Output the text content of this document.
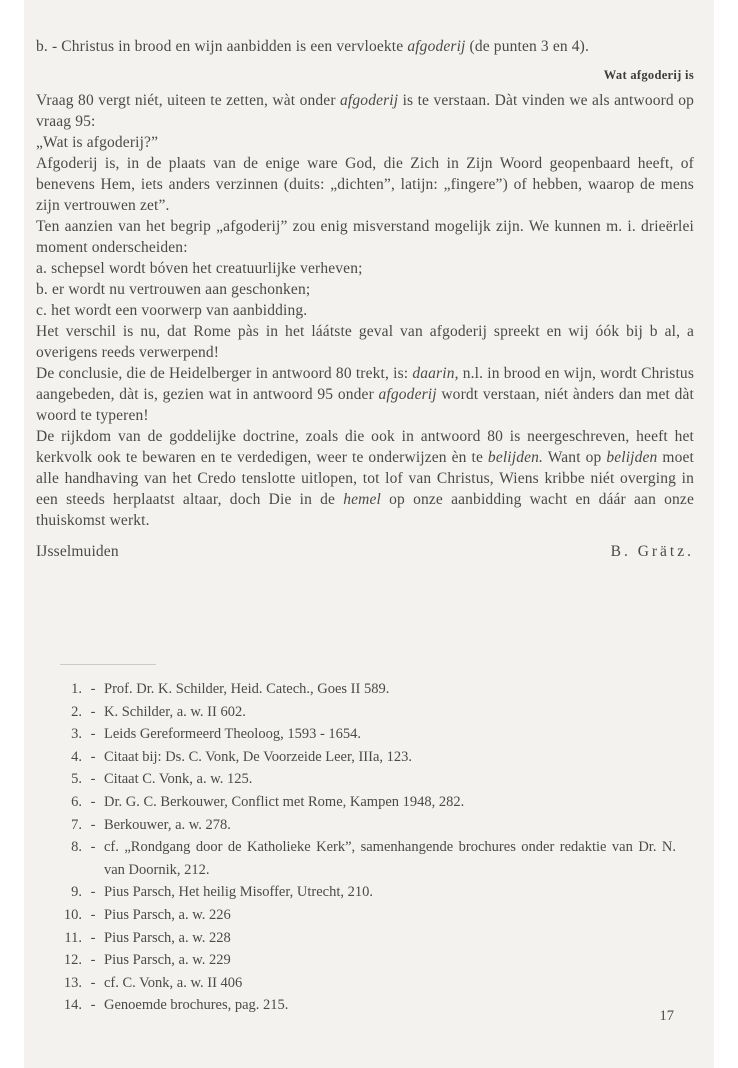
b. - Christus in brood en wijn aanbidden is een vervloekte afgoderij (de punten 3 en 4).

Wat afgoderij is

Vraag 80 vergt niét, uiteen te zetten, wàt onder afgoderij is te verstaan. Dàt vinden we als antwoord op vraag 95:

„Wat is afgoderij?”

Afgoderij is, in de plaats van de enige ware God, die Zich in Zijn Woord geopenbaard heeft, of benevens Hem, iets anders verzinnen (duits: „dichten”, latijn: „fingere”) of hebben, waarop de mens zijn vertrouwen zet”.

Ten aanzien van het begrip „afgoderij” zou enig misverstand mogelijk zijn. We kunnen m. i. drieërlei moment onderscheiden:

a. schepsel wordt bóven het creatuurlijke verheven;

b. er wordt nu vertrouwen aan geschonken;

c. het wordt een voorwerp van aanbidding.

Het verschil is nu, dat Rome pàs in het láátste geval van afgoderij spreekt en wij óók bij b al, a overigens reeds verwerpend!

De conclusie, die de Heidelberger in antwoord 80 trekt, is: daarin, n.l. in brood en wijn, wordt Christus aangebeden, dàt is, gezien wat in antwoord 95 onder afgoderij wordt verstaan, niét ànders dan met dàt woord te typeren!

De rijkdom van de goddelijke doctrine, zoals die ook in antwoord 80 is neergeschreven, heeft het kerkvolk ook te bewaren en te verdedigen, weer te onderwijzen èn te belijden. Want op belijden moet alle handhaving van het Credo tenslotte uitlopen, tot lof van Christus, Wiens kribbe niét overging in een steeds herplaatst altaar, doch Die in de hemel op onze aanbidding wacht en dáár aan onze thuiskomst werkt.

IJsselmuiden	B. Grätz.
1. - Prof. Dr. K. Schilder, Heid. Catech., Goes II 589.
2. - K. Schilder, a. w. II 602.
3. - Leids Gereformeerd Theoloog, 1593 - 1654.
4. - Citaat bij: Ds. C. Vonk, De Voorzeide Leer, IIIa, 123.
5. - Citaat C. Vonk, a. w. 125.
6. - Dr. G. C. Berkouwer, Conflict met Rome, Kampen 1948, 282.
7. - Berkouwer, a. w. 278.
8. - cf. „Rondgang door de Katholieke Kerk”, samenhangende brochures onder redaktie van Dr. N. van Doornik, 212.
9. - Pius Parsch, Het heilig Misoffer, Utrecht, 210.
10. - Pius Parsch, a. w. 226
11. - Pius Parsch, a. w. 228
12. - Pius Parsch, a. w. 229
13. - cf. C. Vonk, a. w. II 406
14. - Genoemde brochures, pag. 215.
17
